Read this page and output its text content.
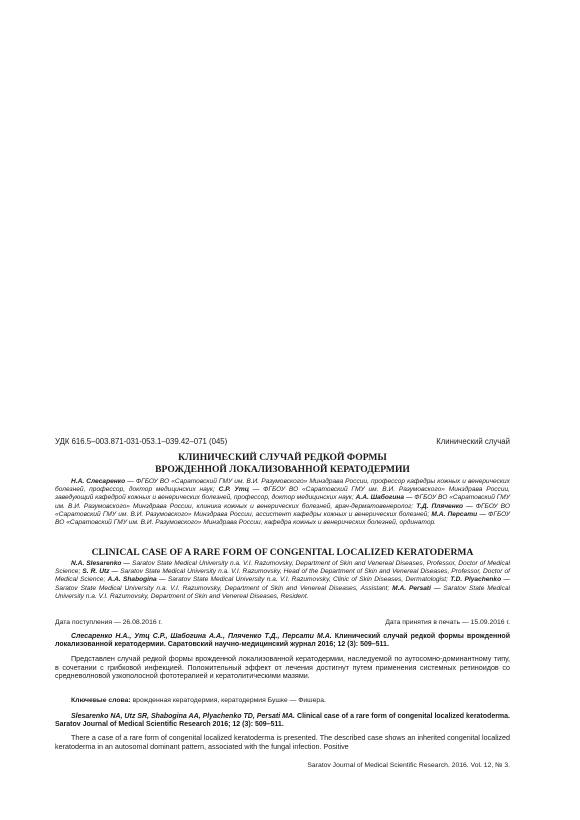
УДК 616.5–003.871-031-053.1–039.42–071 (045)	Клинический случай
КЛИНИЧЕСКИЙ СЛУЧАЙ РЕДКОЙ ФОРМЫ
ВРОЖДЕННОЙ ЛОКАЛИЗОВАННОЙ КЕРАТОДЕРМИИ
Н.А. Слесаренко — ФГБОУ ВО «Саратовский ГМУ им. В.И. Разумовского» Минздрава России, профессор кафедры кожных и венерических болезней, профессор, доктор медицинских наук; С.Р. Утц — ФГБОУ ВО «Саратовский ГМУ им. В.И. Разумовского» Минздрава России, заведующий кафедрой кожных и венерических болезней, профессор, доктор медицинских наук; А.А. Шабогина — ФГБОУ ВО «Саратовский ГМУ им. В.И. Разумовского» Минздрава России, клиника кожных и венерических болезней, врач-дерматовенеролог; Т.Д. Пляченко — ФГБОУ ВО «Саратовский ГМУ им. В.И. Разумовского» Минздрава России, ассистент кафедры кожных и венерических болезней; М.А. Персати — ФГБОУ ВО «Саратовский ГМУ им. В.И. Разумовского» Минздрава России, кафедра кожных и венерических болезней, ординатор.
CLINICAL CASE OF A RARE FORM OF CONGENITAL LOCALIZED KERATODERMA
N.A. Slesarenko — Saratov State Medical University n.a. V.I. Razumovsky, Department of Skin and Venereal Diseases, Professor, Doctor of Medical Science; S. R. Utz — Saratov State Medical University n.a. V.I. Razumovsky, Head of the Department of Skin and Venereal Diseases, Professor, Doctor of Medical Science; A.A. Shabogina — Saratov State Medical University n.a. V.I. Razumovsky, Clinic of Skin Diseases, Dermatologist; T.D. Plyachenko — Saratov State Medical University n.a. V.I. Razumovsky, Department of Skin and Venereal Diseases, Assistant; M.A. Persati — Saratov State Medical University n.a. V.I. Razumovsky, Department of Skin and Venereal Diseases, Resident.
Дата поступления — 26.08.2016 г.	Дата принятия в печать — 15.09.2016 г.
Слесаренко Н.А., Утц С.Р., Шабогина А.А., Пляченко Т.Д., Персати М.А. Клинический случай редкой формы врожденной локализованной кератодермии. Саратовский научно-медицинский журнал 2016; 12 (3): 509–511.
Представлен случай редкой формы врожденной локализованной кератодермии, наследуемой по аутосомно-доминантному типу, в сочетании с грибковой инфекцией. Положительный эффект от лечения достигнут путем применения системных ретиноидов со средневолновой узкополосной фототерапией и кератолитическими мазями.
Ключевые слова: врожденная кератодермия, кератодермия Бушке — Фишера.
Slesarenko NA, Utz SR, Shabogina AA, Plyachenko TD, Persati MA. Clinical case of a rare form of congenital localized keratoderma. Saratov Journal of Medical Scientific Research 2016; 12 (3): 509–511.
There a case of a rare form of congenital localized keratoderma is presented. The described case shows an inherited congenital localized keratoderma in an autosomal dominant pattern, associated with the fungal infection. Positive
Saratov Journal of Medical Scientific Research. 2016. Vol. 12, № 3.
